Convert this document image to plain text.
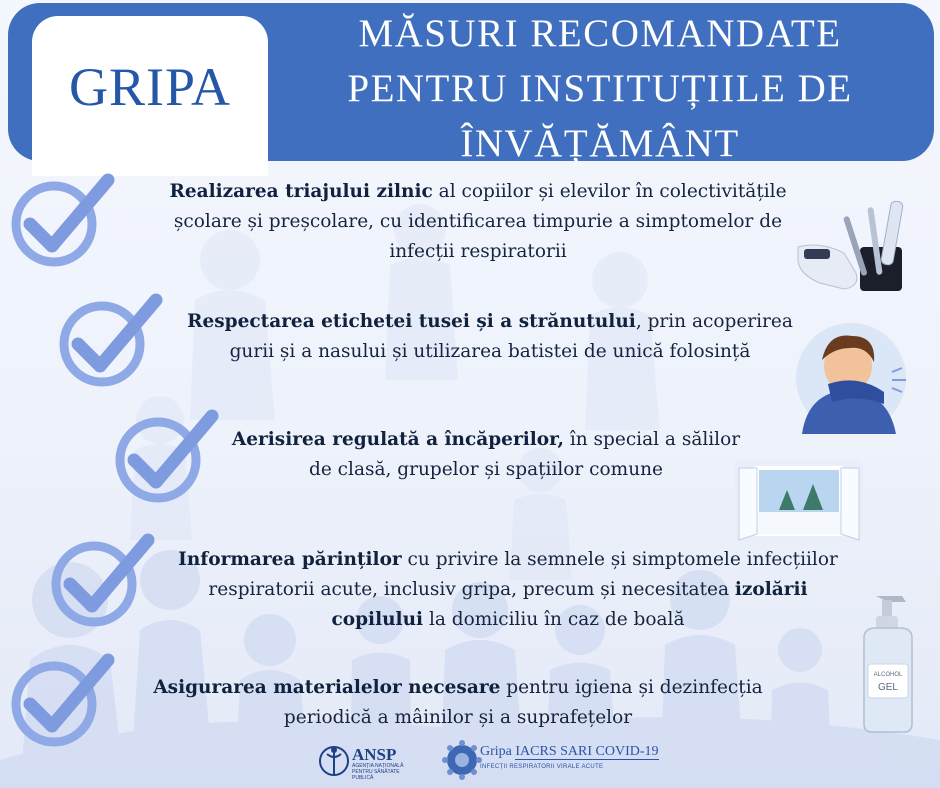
GRIPA
MĂSURI RECOMANDATE
PENTRU INSTITUȚIILE DE
ÎNVĂȚĂMÂNT
Realizarea triajului zilnic al copiilor și elevilor în colectivitățile
școlare și preșcolare, cu identificarea timpurie a simptomelor de
infecții respiratorii
Respectarea etichetei tusei și a strănutului, prin acoperirea
gurii și a nasului și utilizarea batistei de unică folosință
Aerisirea regulată a încăperilor, în special a sălilor
de clasă, grupelor și spațiilor comune
Informarea părinților cu privire la semnele și simptomele infecțiilor
respiratorii acute, inclusiv gripa, precum și necesitatea izolării
copilului la domiciliu în caz de boală
Asigurarea materialelor necesare pentru igiena și dezinfecția
periodică a mâinilor și a suprafețelor
ALCOHOL
GEL
ANSP
AGENȚIA NAȚIONALĂ PENTRU SĂNĂTATE PUBLICĂ
Gripa IACRS SARI COVID-19
INFECȚII RESPIRATORII VIRALE ACUTE
